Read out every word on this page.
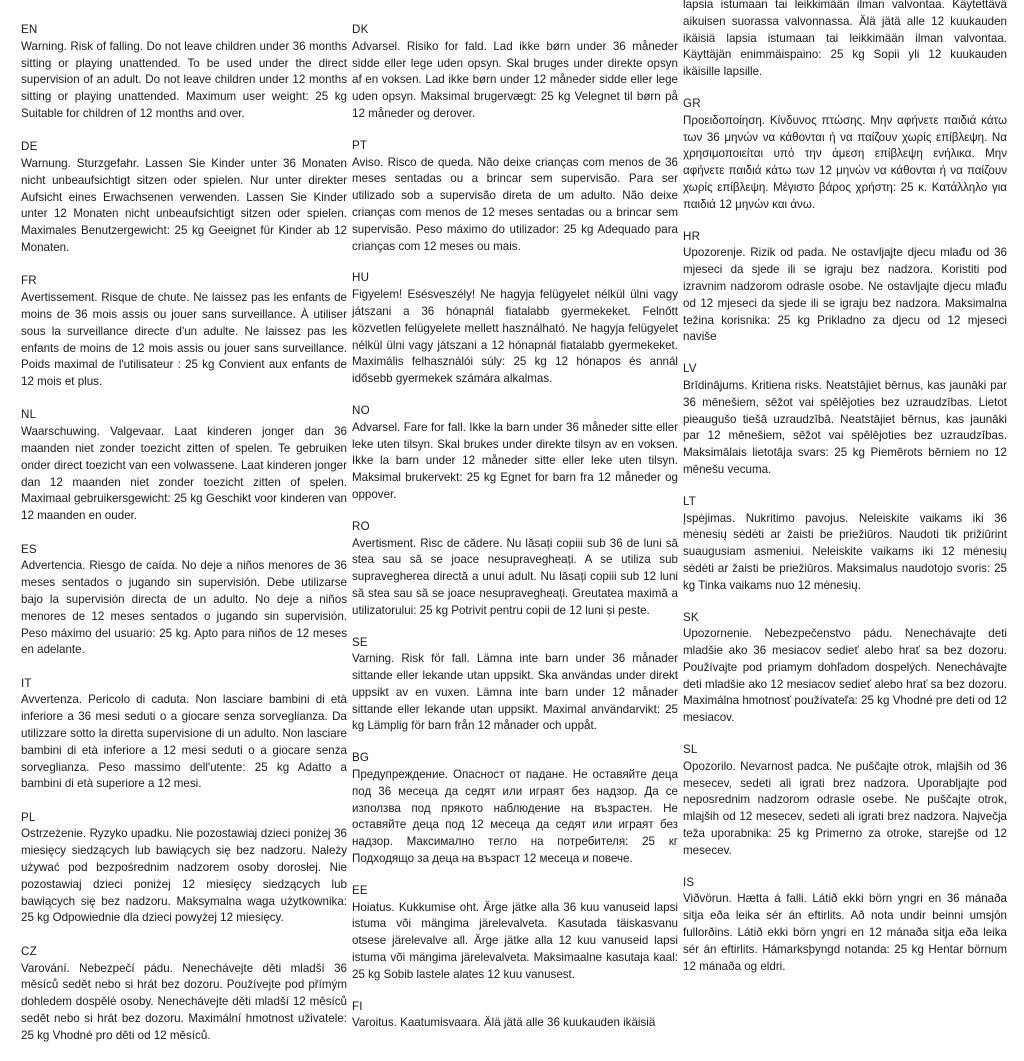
EN
Warning. Risk of falling. Do not leave children under 36 months sitting or playing unattended. To be used under the direct supervision of an adult. Do not leave children under 12 months sitting or playing unattended. Maximum user weight: 25 kg Suitable for children of 12 months and over.
DE
Warnung. Sturzgefahr. Lassen Sie Kinder unter 36 Monaten nicht unbeaufsichtigt sitzen oder spielen. Nur unter direkter Aufsicht eines Erwachsenen verwenden. Lassen Sie Kinder unter 12 Monaten nicht unbeaufsichtigt sitzen oder spielen. Maximales Benutzergewicht: 25 kg Geeignet für Kinder ab 12 Monaten.
FR
Avertissement. Risque de chute. Ne laissez pas les enfants de moins de 36 mois assis ou jouer sans surveillance. À utiliser sous la surveillance directe d'un adulte. Ne laissez pas les enfants de moins de 12 mois assis ou jouer sans surveillance. Poids maximal de l'utilisateur : 25 kg Convient aux enfants de 12 mois et plus.
NL
Waarschuwing. Valgevaar. Laat kinderen jonger dan 36 maanden niet zonder toezicht zitten of spelen. Te gebruiken onder direct toezicht van een volwassene. Laat kinderen jonger dan 12 maanden niet zonder toezicht zitten of spelen. Maximaal gebruikersgewicht: 25 kg Geschikt voor kinderen van 12 maanden en ouder.
ES
Advertencia. Riesgo de caída. No deje a niños menores de 36 meses sentados o jugando sin supervisión. Debe utilizarse bajo la supervisión directa de un adulto. No deje a niños menores de 12 meses sentados o jugando sin supervisión. Peso máximo del usuario: 25 kg. Apto para niños de 12 meses en adelante.
IT
Avvertenza. Pericolo di caduta. Non lasciare bambini di età inferiore a 36 mesi seduti o a giocare senza sorveglianza. Da utilizzare sotto la diretta supervisione di un adulto. Non lasciare bambini di età inferiore a 12 mesi seduti o a giocare senza sorveglianza. Peso massimo dell'utente: 25 kg Adatto a bambini di età superiore a 12 mesi.
PL
Ostrzeżenie. Ryzyko upadku. Nie pozostawiaj dzieci poniżej 36 miesięcy siedzących lub bawiących się bez nadzoru. Należy używać pod bezpośrednim nadzorem osoby dorosłej. Nie pozostawiaj dzieci poniżej 12 miesięcy siedzących lub bawiących się bez nadzoru. Maksymalna waga użytkownika: 25 kg Odpowiednie dla dzieci powyżej 12 miesięcy.
CZ
Varování. Nebezpečí pádu. Nenechávejte děti mladší 36 měsíců sedět nebo si hrát bez dozoru. Používejte pod přímým dohledem dospělé osoby. Nenechávejte děti mladší 12 měsíců sedět nebo si hrát bez dozoru. Maximální hmotnost uživatele: 25 kg Vhodné pro děti od 12 měsíců.
DK
Advarsel. Risiko for fald. Lad ikke børn under 36 måneder sidde eller lege uden opsyn. Skal bruges under direkte opsyn af en voksen. Lad ikke børn under 12 måneder sidde eller lege uden opsyn. Maksimal brugervægt: 25 kg Velegnet til børn på 12 måneder og derover.
PT
Aviso. Risco de queda. Não deixe crianças com menos de 36 meses sentadas ou a brincar sem supervisão. Para ser utilizado sob a supervisão direta de um adulto. Não deixe crianças com menos de 12 meses sentadas ou a brincar sem supervisão. Peso máximo do utilizador: 25 kg Adequado para crianças com 12 meses ou mais.
HU
Figyelem! Esésveszély! Ne hagyja felügyelet nélkül ülni vagy játszani a 36 hónapnál fiatalabb gyermekeket. Felnőtt közvetlen felügyelete mellett használható. Ne hagyja felügyelet nélkül ülni vagy játszani a 12 hónapnál fiatalabb gyermekeket. Maximális felhasználói súly: 25 kg 12 hónapos és annál idősebb gyermekek számára alkalmas.
NO
Advarsel. Fare for fall. Ikke la barn under 36 måneder sitte eller leke uten tilsyn. Skal brukes under direkte tilsyn av en voksen. Ikke la barn under 12 måneder sitte eller leke uten tilsyn. Maksimal brukervekt: 25 kg Egnet for barn fra 12 måneder og oppover.
RO
Avertisment. Risc de cădere. Nu lăsați copiii sub 36 de luni să stea sau să se joace nesupravegheați. A se utiliza sub supravegherea directă a unui adult. Nu lăsați copiii sub 12 luni să stea sau să se joace nesupravegheați. Greutatea maximă a utilizatorului: 25 kg Potrivit pentru copii de 12 luni și peste.
SE
Varning. Risk för fall. Lämna inte barn under 36 månader sittande eller lekande utan uppsikt. Ska användas under direkt uppsikt av en vuxen. Lämna inte barn under 12 månader sittande eller lekande utan uppsikt. Maximal användarvikt: 25 kg Lämplig för barn från 12 månader och uppåt.
BG
Предупреждение. Опасност от падане. Не оставяйте деца под 36 месеца да седят или играят без надзор. Да се използва под прякото наблюдение на възрастен. Не оставяйте деца под 12 месеца да седят или играят без надзор. Максимално тегло на потребителя: 25 кг Подходящо за деца на възраст 12 месеца и повече.
EE
Hoiatus. Kukkumise oht. Ärge jätke alla 36 kuu vanuseid lapsi istuma või mängima järelevalveta. Kasutada täiskasvanu otsese järelevalve all. Ärge jätke alla 12 kuu vanuseid lapsi istuma või mängima järelevalveta. Maksimaalne kasutaja kaal: 25 kg Sobib lastele alates 12 kuu vanusest.
FI
Varoitus. Kaatumisvaara. Älä jätä alle 36 kuukauden ikäisiä
lapsia istumaan tai leikkimään ilman valvontaa. Käytettävä aikuisen suorassa valvonnassa. Älä jätä alle 12 kuukauden ikäisiä lapsia istumaan tai leikkimään ilman valvontaa. Käyttäjän enimmäispaino: 25 kg Sopii yli 12 kuukauden ikäisille lapsille.
GR
Προειδοποίηση. Κίνδυνος πτώσης. Μην αφήνετε παιδιά κάτω των 36 μηνών να κάθονται ή να παίζουν χωρίς επίβλεψη. Να χρησιμοποιείται υπό την άμεση επίβλεψη ενήλικα. Μην αφήνετε παιδιά κάτω των 12 μηνών να κάθονται ή να παίζουν χωρίς επίβλεψη. Μέγιστο βάρος χρήστη: 25 κ. Κατάλληλο για παιδιά 12 μηνών και άνω.
HR
Upozorenje. Rizik od pada. Ne ostavljajte djecu mlađu od 36 mjeseci da sjede ili se igraju bez nadzora. Koristiti pod izravnim nadzorom odrasle osobe. Ne ostavljajte djecu mlađu od 12 mjeseci da sjede ili se igraju bez nadzora. Maksimalna težina korisnika: 25 kg Prikladno za djecu od 12 mjeseci naviše
LV
Brīdinājums. Kritiena risks. Neatstājiet bērnus, kas jaunāki par 36 mēnešiem, sēžot vai spēlējoties bez uzraudzības. Lietot pieaugušo tiešā uzraudzībā. Neatstājiet bērnus, kas jaunāki par 12 mēnešiem, sēžot vai spēlējoties bez uzraudzības. Maksimālais lietotāja svars: 25 kg Piemērots bērniem no 12 mēnešu vecuma.
LT
Įspėjimas. Nukritimo pavojus. Neleiskite vaikams iki 36 mėnesių sėdėti ar žaisti be priežiūros. Naudoti tik prižiūrint suaugusiam asmeniui. Neleiskite vaikams iki 12 mėnesių sėdėti ar žaisti be priežiūros. Maksimalus naudotojo svoris: 25 kg Tinka vaikams nuo 12 mėnesių.
SK
Upozornenie. Nebezpečenstvo pádu. Nenechávajte deti mladšie ako 36 mesiacov sedieť alebo hrať sa bez dozoru. Používajte pod priamym dohľadom dospelých. Nenechávajte deti mladšie ako 12 mesiacov sedieť alebo hrať sa bez dozoru. Maximálna hmotnosť používateľa: 25 kg Vhodné pre deti od 12 mesiacov.
SL
Opozorilo. Nevarnost padca. Ne puščajte otrok, mlajših od 36 mesecev, sedeti ali igrati brez nadzora. Uporabljajte pod neposrednim nadzorom odrasle osebe. Ne puščajte otrok, mlajših od 12 mesecev, sedeti ali igrati brez nadzora. Največja teža uporabnika: 25 kg Primerno za otroke, starejše od 12 mesecev.
IS
Viðvörun. Hætta á falli. Látið ekki börn yngri en 36 mánaða sitja eða leika sér án eftirlits. Að nota undir beinni umsjón fullorðins. Látið ekki börn yngri en 12 mánaða sitja eða leika sér án eftirlits. Hámarksþyngd notanda: 25 kg Hentar börnum 12 mánaða og eldri.
